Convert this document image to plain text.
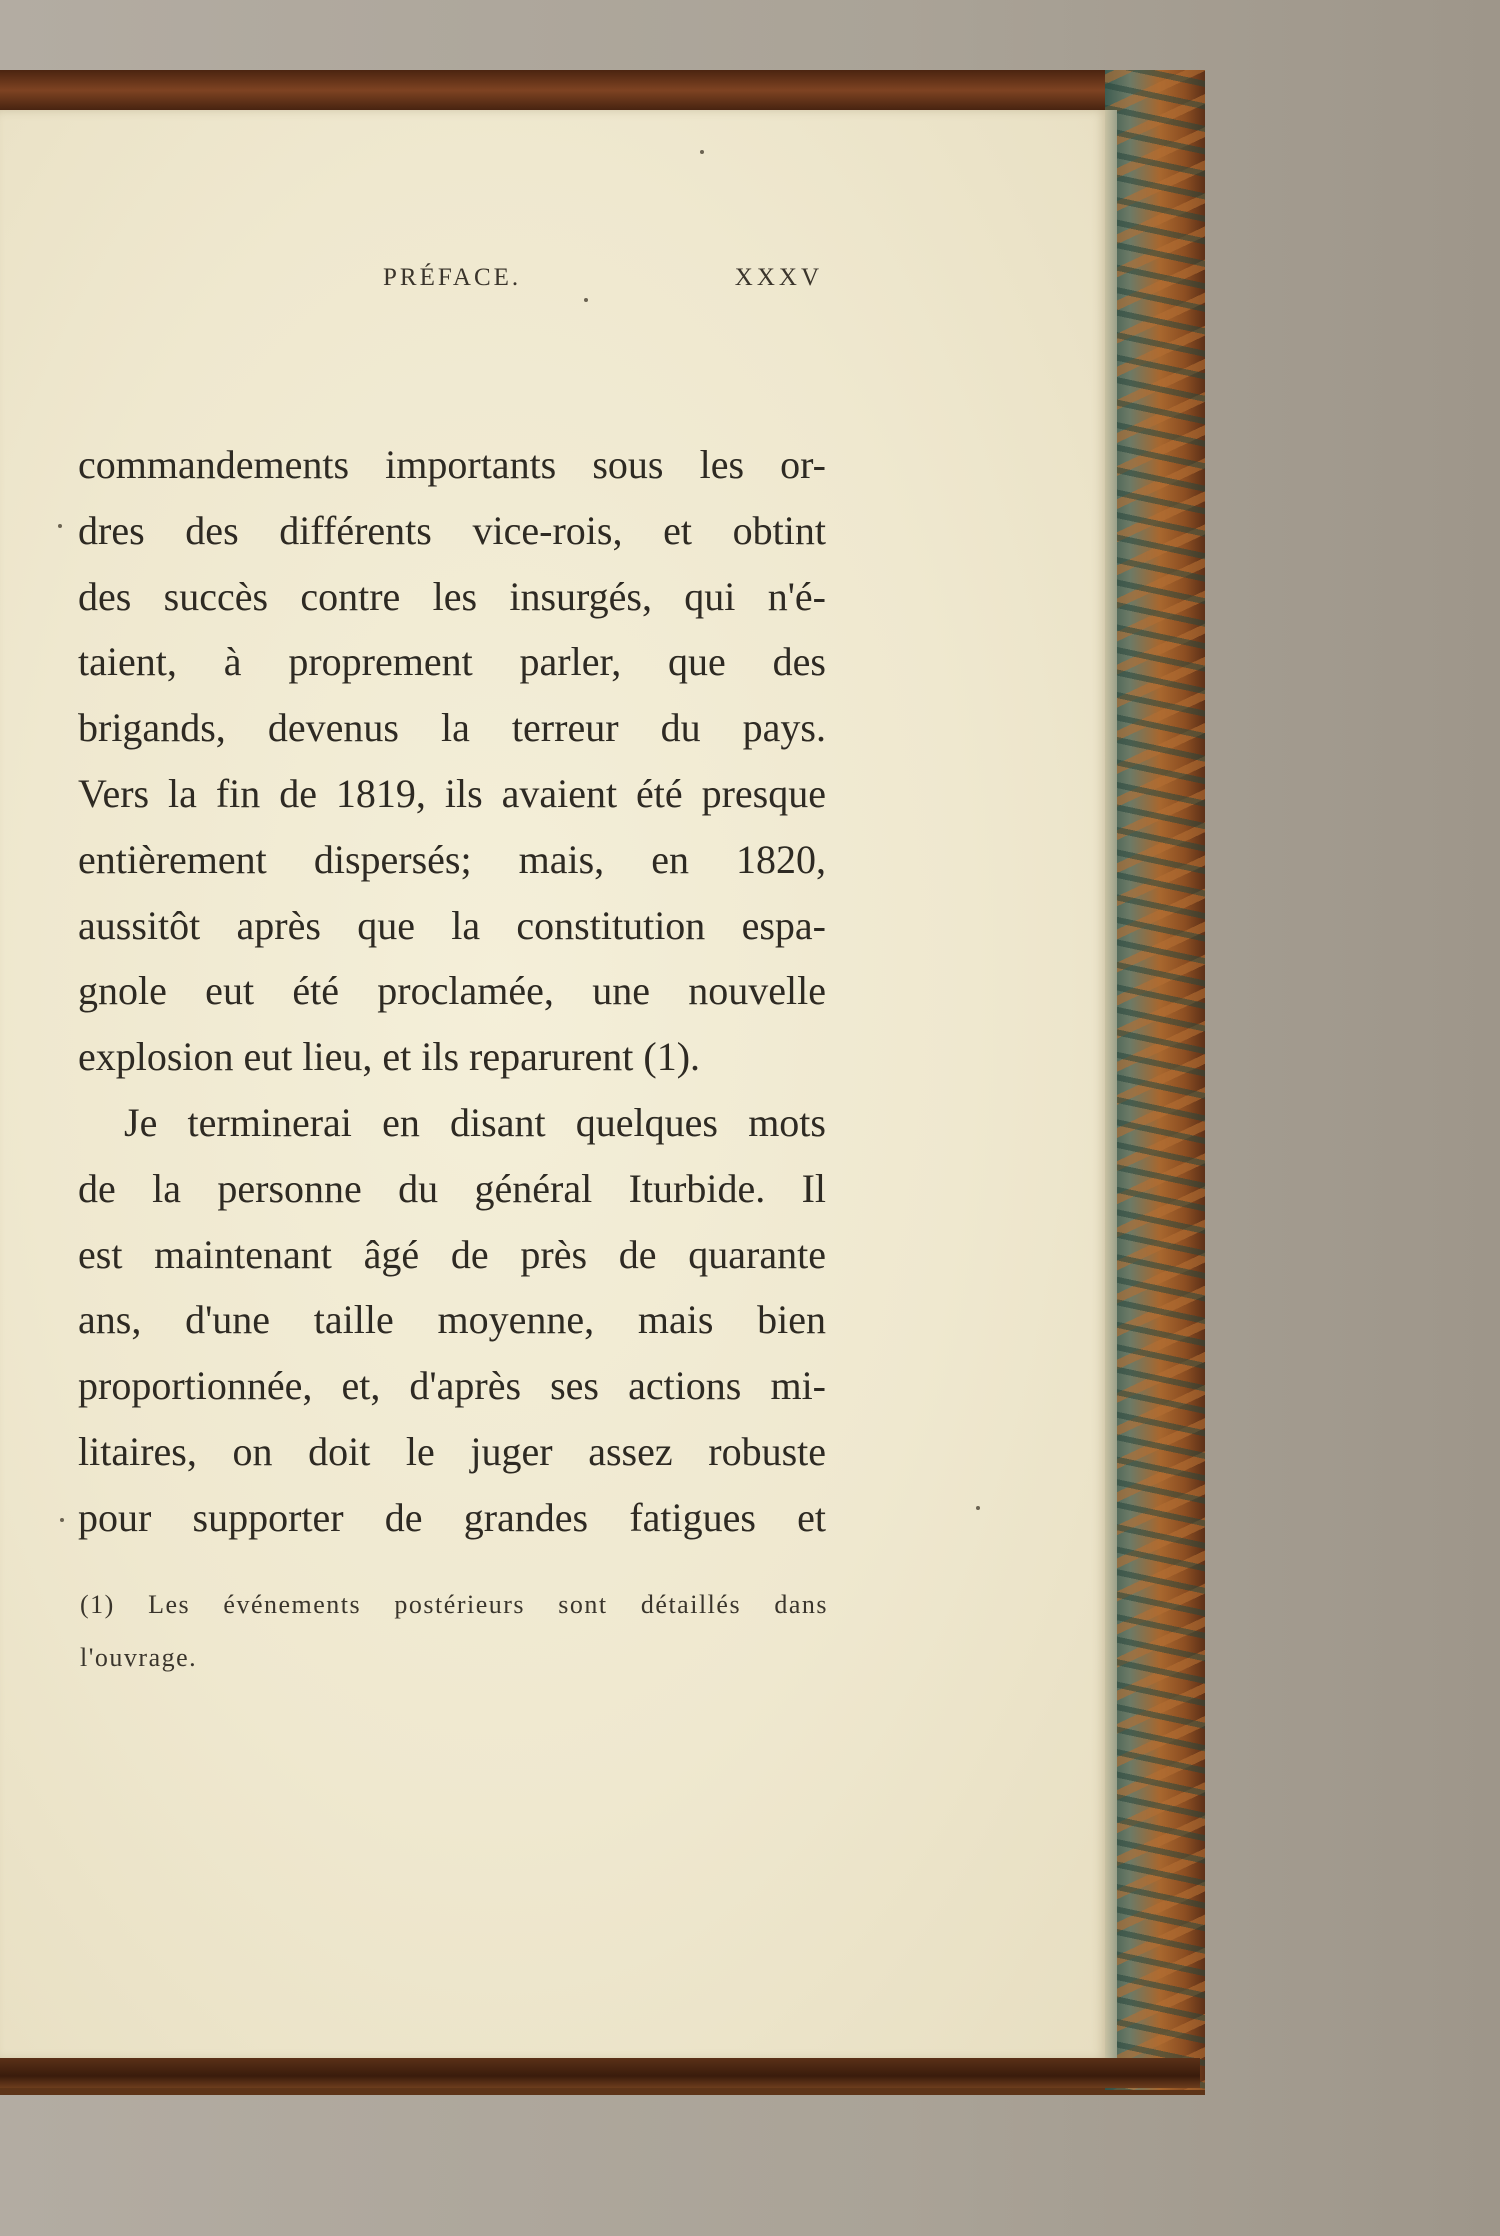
PRÉFACE.	XXXV
commandements importants sous les or-
dres des différents vice-rois, et obtint
des succès contre les insurgés, qui n'é-
taient, à proprement parler, que des
brigands, devenus la terreur du pays.
Vers la fin de 1819, ils avaient été presque
entièrement dispersés; mais, en 1820,
aussitôt après que la constitution espa-
gnole eut été proclamée, une nouvelle
explosion eut lieu, et ils reparurent (1).
Je terminerai en disant quelques mots
de la personne du général Iturbide. Il
est maintenant âgé de près de quarante
ans, d'une taille moyenne, mais bien
proportionnée, et, d'après ses actions mi-
litaires, on doit le juger assez robuste
pour supporter de grandes fatigues et
(1) Les événements postérieurs sont détaillés dans
l'ouvrage.
